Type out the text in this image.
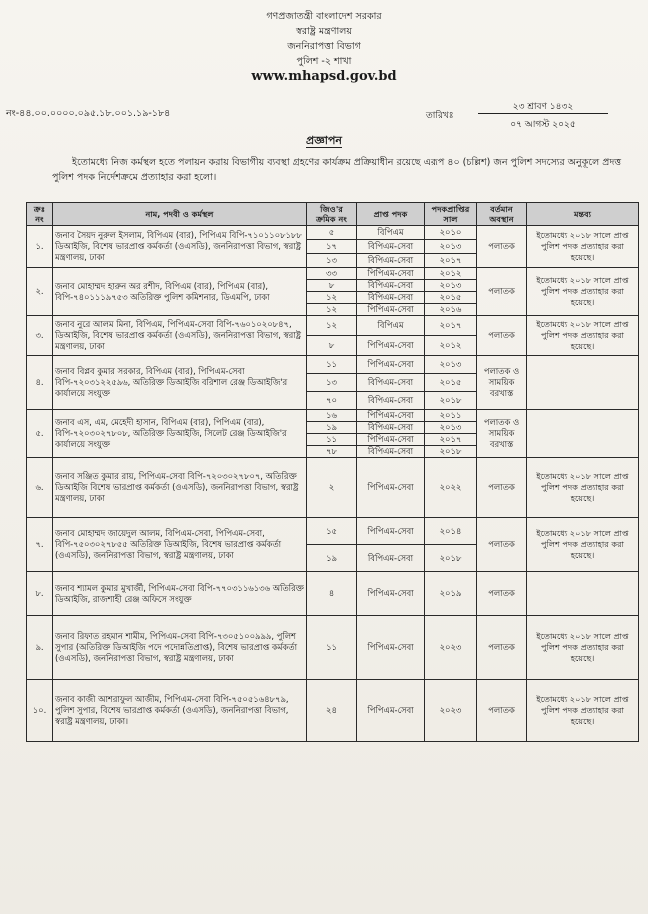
গণপ্রজাতন্ত্রী বাংলাদেশ সরকার
স্বরাষ্ট্র মন্ত্রণালয়
জননিরাপত্তা বিভাগ
পুলিশ -২ শাখা
www.mhapsd.gov.bd
নং-৪৪.০০.০০০০.০৯৫.১৮.০০১.১৯-১৮৪	তারিখঃ
২৩ শ্রাবণ ১৪৩২
০৭ আগস্ট ২০২৫
প্রজ্ঞাপন

ইতোমধ্যে নিজ কর্মস্থল হতে পলায়ন করায় বিভাগীয় ব্যবস্থা গ্রহণের কার্যক্রম প্রক্রিয়াধীন রয়েছে এরূপ ৪০ (চল্লিশ) জন পুলিশ সদস্যের অনুকূলে প্রদত্ত পুলিশ পদক নির্দেশক্রমে প্রত্যাহার করা হলো।

ক্রঃ নং	নাম, পদবী ও কর্মস্থল	জিও'র ক্রমিক নং	প্রাপ্ত পদক	পদকপ্রাপ্তির সাল	বর্তমান অবস্থান	মন্তব্য
১.	জনাব সৈয়দ নুরুল ইসলাম, বিপিএম (বার), পিপিএম বিপি-৭১০১১০৮১৮৮ ডিআইজি, বিশেষ ভারপ্রাপ্ত কর্মকর্তা (ওএসডি), জননিরাপত্তা বিভাগ, স্বরাষ্ট্র মন্ত্রণালয়, ঢাকা	৫	বিপিএম	২০১০	পলাতক	ইতোমধ্যে ২০১৮ সালে প্রাপ্ত পুলিশ পদক প্রত্যাহার করা হয়েছে।
		১৭	বিপিএম-সেবা	২০১৩		
		১৩	বিপিএম-সেবা	২০১৭		
২.	জনাব মোহাম্মদ হারুন অর রশীদ, বিপিএম (বার), পিপিএম (বার), বিপি-৭৪০১১১৯৭৫৩ অতিরিক্ত পুলিশ কমিশনার, ডিএমপি, ঢাকা	৩৩	পিপিএম-সেবা	২০১২	পলাতক	ইতোমধ্যে ২০১৮ সালে প্রাপ্ত পুলিশ পদক প্রত্যাহার করা হয়েছে।
		৮	বিপিএম-সেবা	২০১৩		
		১২	বিপিএম-সেবা	২০১৫		
		১২	পিপিএম-সেবা	২০১৬		
৩.	জনাব নুরে আলম মিনা, বিপিএম, পিপিএম-সেবা বিপি-৭৬০১০২০৮৪৭, ডিআইজি, বিশেষ ভারপ্রাপ্ত কর্মকর্তা (ওএসডি), জননিরাপত্তা বিভাগ, স্বরাষ্ট্র মন্ত্রণালয়, ঢাকা	১২	বিপিএম	২০১৭	পলাতক	ইতোমধ্যে ২০১৮ সালে প্রাপ্ত পুলিশ পদক প্রত্যাহার করা হয়েছে।
		৮	পিপিএম-সেবা	২০১২		
৪.	জনাব বিপ্লব কুমার সরকার, বিপিএম (বার), পিপিএম-সেবা বিপি-৭২০৩১২২৫৯৬, অতিরিক্ত ডিআইজি বরিশাল রেঞ্জ ডিআইজি'র কার্যালয়ে সংযুক্ত	১১	পিপিএম-সেবা	২০১৩	পলাতক ও সাময়িক বরখাস্ত	
		১৩	বিপিএম-সেবা	২০১৫		
		৭০	বিপিএম-সেবা	২০১৮		
৫.	জনাব এস, এম, মেহেদী হাসান, বিপিএম (বার), পিপিএম (বার), বিপি-৭২০৩০২৭৮০৮, অতিরিক্ত ডিআইজি, সিলেট রেঞ্জ ডিআইজি'র কার্যালয়ে সংযুক্ত	১৬	পিপিএম-সেবা	২০১১	পলাতক ও সাময়িক বরখাস্ত	
		১৯	বিপিএম-সেবা	২০১৩		
		১১	পিপিএম-সেবা	২০১৭		
		৭৮	বিপিএম-সেবা	২০১৮		
৬.	জনাব সঞ্জিত কুমার রায়, পিপিএম-সেবা বিপি-৭২০৩০২৭৮০৭, অতিরিক্ত ডিআইজি বিশেষ ভারপ্রাপ্ত কর্মকর্তা (ওএসডি), জননিরাপত্তা বিভাগ, স্বরাষ্ট্র মন্ত্রণালয়, ঢাকা	২	পিপিএম-সেবা	২০২২	পলাতক	ইতোমধ্যে ২০১৮ সালে প্রাপ্ত পুলিশ পদক প্রত্যাহার করা হয়েছে।
৭.	জনাব মোহাম্মদ জায়েদুল আলম, বিপিএম-সেবা, পিপিএম-সেবা, বিপি-৭৫০৩০২৭৮৫৫ অতিরিক্ত ডিআইজি, বিশেষ ভারপ্রাপ্ত কর্মকর্তা (ওএসডি), জননিরাপত্তা বিভাগ, স্বরাষ্ট্র মন্ত্রণালয়, ঢাকা	১৫	পিপিএম-সেবা	২০১৪	পলাতক	ইতোমধ্যে ২০১৮ সালে প্রাপ্ত পুলিশ পদক প্রত্যাহার করা হয়েছে।
		১৯	বিপিএম-সেবা	২০১৮		
৮.	জনাব শ্যামল কুমার মুখার্জী, পিপিএম-সেবা বিপি-৭৭০৩১১৬১৩৬ অতিরিক্ত ডিআইজি, রাজশাহী রেঞ্জ অফিসে সংযুক্ত	৪	পিপিএম-সেবা	২০১৯	পলাতক	
৯.	জনাব রিফাত রহমান শামীম, পিপিএম-সেবা বিপি-৭৩০৫১০০৯৯৯, পুলিশ সুপার (অতিরিক্ত ডিআইজি পদে পদোন্নতিপ্রাপ্ত), বিশেষ ভারপ্রাপ্ত কর্মকর্তা (ওএসডি), জননিরাপত্তা বিভাগ, স্বরাষ্ট্র মন্ত্রণালয়, ঢাকা	১১	পিপিএম-সেবা	২০২৩	পলাতক	ইতোমধ্যে ২০১৮ সালে প্রাপ্ত পুলিশ পদক প্রত্যাহার করা হয়েছে।
১০.	জনাব কাজী আশরাফুল আজীম, পিপিএম-সেবা বিপি-৭৫০৫১৬৪৮৭৯, পুলিশ সুপার, বিশেষ ভারপ্রাপ্ত কর্মকর্তা (ওএসডি), জননিরাপত্তা বিভাগ, স্বরাষ্ট্র মন্ত্রণালয়, ঢাকা।	২৪	পিপিএম-সেবা	২০২৩	পলাতক	ইতোমধ্যে ২০১৮ সালে প্রাপ্ত পুলিশ পদক প্রত্যাহার করা হয়েছে।
